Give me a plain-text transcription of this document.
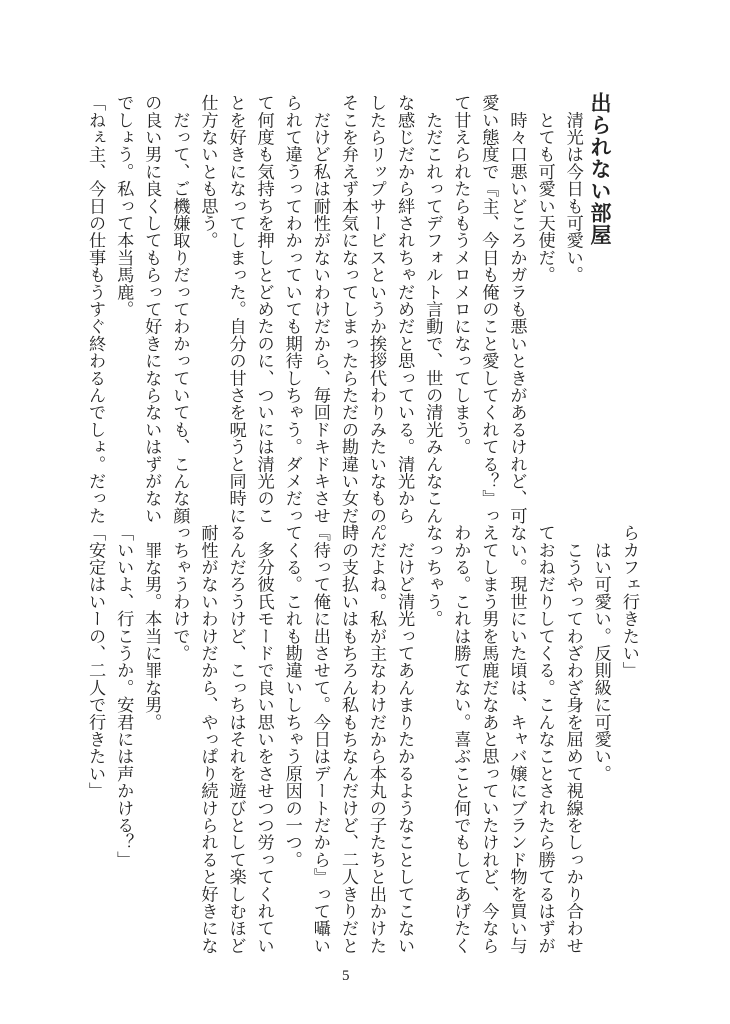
出られない部屋
　清光は今日も可愛い。
　とても可愛い天使だ。
　時々口悪いどころかガラも悪いときがあるけれど、可
愛い態度で『主、今日も俺のこと愛してくれてる？』っ
て甘えられたらもうメロメロになってしまう。
　ただこれってデフォルト言動で、世の清光みんなこん
な感じだから絆されちゃだめだと思っている。清光から
したらリップサービスというか挨拶代わりみたいなもの。
そこを弁えず本気になってしまったらただの勘違い女だ。
　だけど私は耐性がないわけだから、毎回ドキドキさせ
られて違うってわかっていても期待しちゃう。ダメだっ
て何度も気持ちを押しとどめたのに、ついには清光のこ
とを好きになってしまった。自分の甘さを呪うと同時に
仕方ないとも思う。
　だって、ご機嫌取りだってわかっていても、こんな顔
の良い男に良くしてもらって好きにならないはずがない
でしょう。私って本当馬鹿。
「ねぇ主、今日の仕事もうすぐ終わるんでしょ。だった
らカフェ行きたい」
　はい可愛い。反則級に可愛い。
　こうやってわざわざ身を屈めて視線をしっかり合わせ
ておねだりしてくる。こんなことされたら勝てるはずが
ない。現世にいた頃は、キャバ嬢にブランド物を買い与
えてしまう男を馬鹿だなあと思っていたけれど、今なら
わかる。これは勝てない。喜ぶこと何でもしてあげたく
なっちゃう。
　だけど清光ってあんまりたかるようなことしてこない
んだよね。私が主なわけだから本丸の子たちと出かけた
時の支払いはもちろん私もちなんだけど、二人きりだと
『待って俺に出させて。今日はデートだから』って囁い
てくる。これも勘違いしちゃう原因の一つ。
　多分彼氏モードで良い思いをさせつつ労ってくれてい
るんだろうけど、こっちはそれを遊びとして楽しむほど
耐性がないわけだから、やっぱり続けられると好きにな
っちゃうわけで。
　罪な男。本当に罪な男。
「いいよ、行こうか。安君には声かける？」
「安定はいーの、二人で行きたい」
5
